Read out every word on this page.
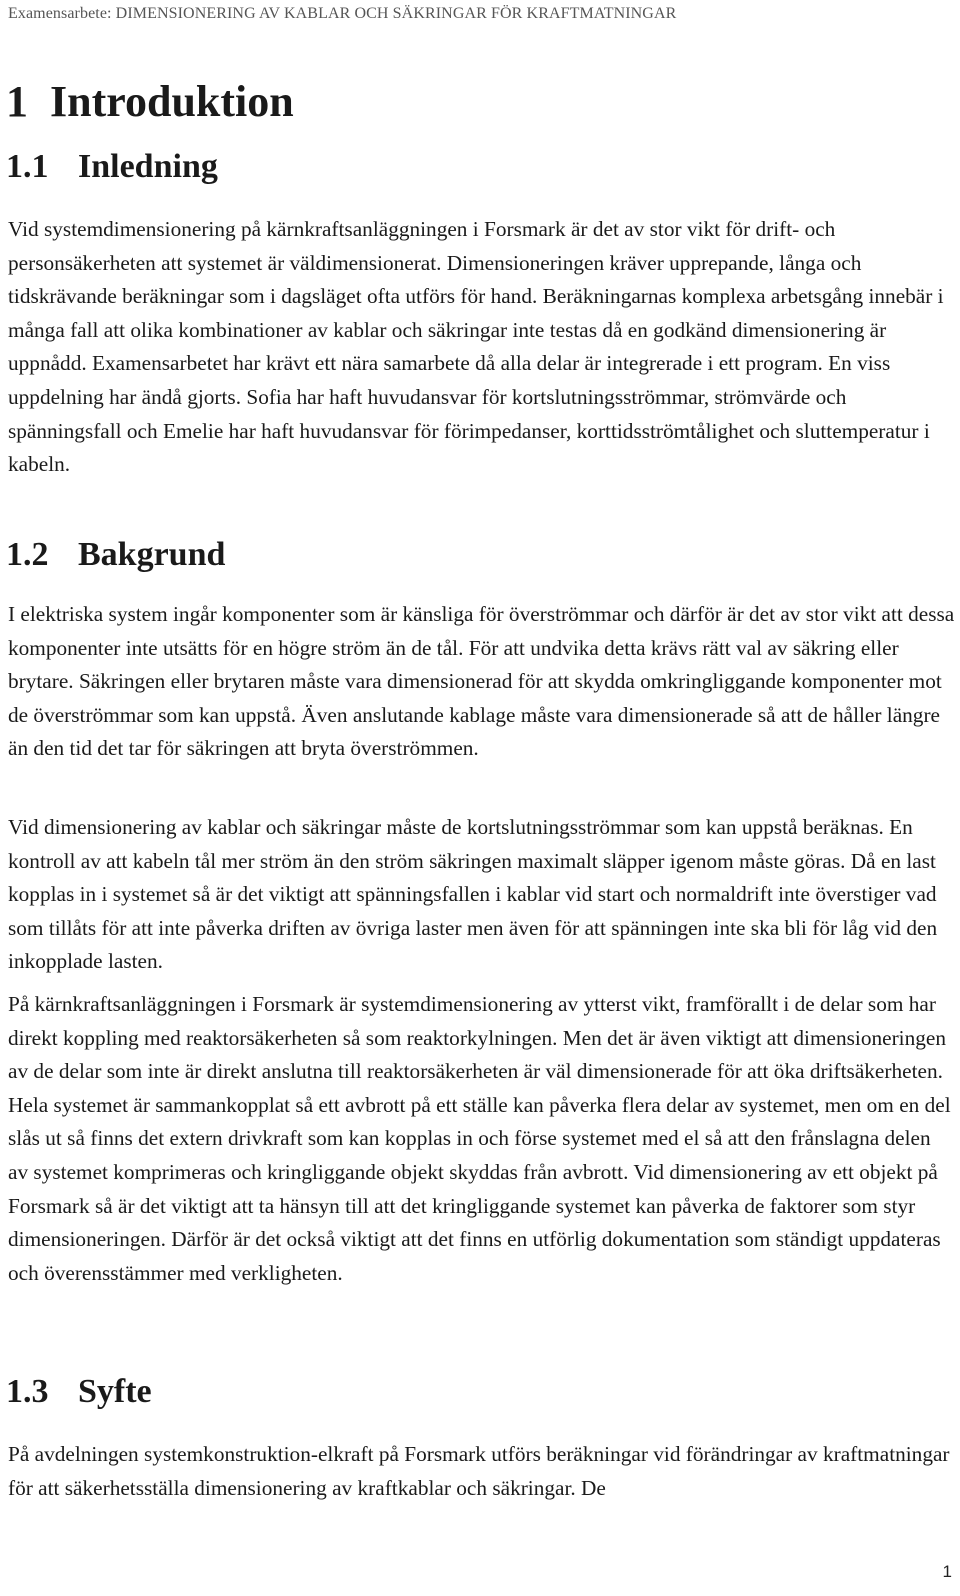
Examensarbete: DIMENSIONERING AV KABLAR OCH SÄKRINGAR FÖR KRAFTMATNINGAR
1 Introduktion
1.1 Inledning

Vid systemdimensionering på kärnkraftsanläggningen i Forsmark är det av stor vikt för drift- och personsäkerheten att systemet är väldimensionerat. Dimensioneringen kräver upprepande, långa och tidskrävande beräkningar som i dagsläget ofta utförs för hand. Beräkningarnas komplexa arbetsgång innebär i många fall att olika kombinationer av kablar och säkringar inte testas då en godkänd dimensionering är uppnådd. Examensarbetet har krävt ett nära samarbete då alla delar är integrerade i ett program. En viss uppdelning har ändå gjorts. Sofia har haft huvudansvar för kortslutningsströmmar, strömvärde och spänningsfall och Emelie har haft huvudansvar för förimpedanser, korttidsströmtålighet och sluttemperatur i kabeln.

1.2 Bakgrund

I elektriska system ingår komponenter som är känsliga för överströmmar och därför är det av stor vikt att dessa komponenter inte utsätts för en högre ström än de tål. För att undvika detta krävs rätt val av säkring eller brytare. Säkringen eller brytaren måste vara dimensionerad för att skydda omkringliggande komponenter mot de överströmmar som kan uppstå. Även anslutande kablage måste vara dimensionerade så att de håller längre än den tid det tar för säkringen att bryta överströmmen.

Vid dimensionering av kablar och säkringar måste de kortslutningsströmmar som kan uppstå beräknas. En kontroll av att kabeln tål mer ström än den ström säkringen maximalt släpper igenom måste göras. Då en last kopplas in i systemet så är det viktigt att spänningsfallen i kablar vid start och normaldrift inte överstiger vad som tillåts för att inte påverka driften av övriga laster men även för att spänningen inte ska bli för låg vid den inkopplade lasten.

På kärnkraftsanläggningen i Forsmark är systemdimensionering av ytterst vikt, framförallt i de delar som har direkt koppling med reaktorsäkerheten så som reaktorkylningen. Men det är även viktigt att dimensioneringen av de delar som inte är direkt anslutna till reaktorsäkerheten är väl dimensionerade för att öka driftsäkerheten. Hela systemet är sammankopplat så ett avbrott på ett ställe kan påverka flera delar av systemet, men om en del slås ut så finns det extern drivkraft som kan kopplas in och förse systemet med el så att den frånslagna delen av systemet komprimeras och kringliggande objekt skyddas från avbrott. Vid dimensionering av ett objekt på Forsmark så är det viktigt att ta hänsyn till att det kringliggande systemet kan påverka de faktorer som styr dimensioneringen. Därför är det också viktigt att det finns en utförlig dokumentation som ständigt uppdateras och överensstämmer med verkligheten.

1.3 Syfte

På avdelningen systemkonstruktion-elkraft på Forsmark utförs beräkningar vid förändringar av kraftmatningar för att säkerhetsställa dimensionering av kraftkablar och säkringar. De

1
